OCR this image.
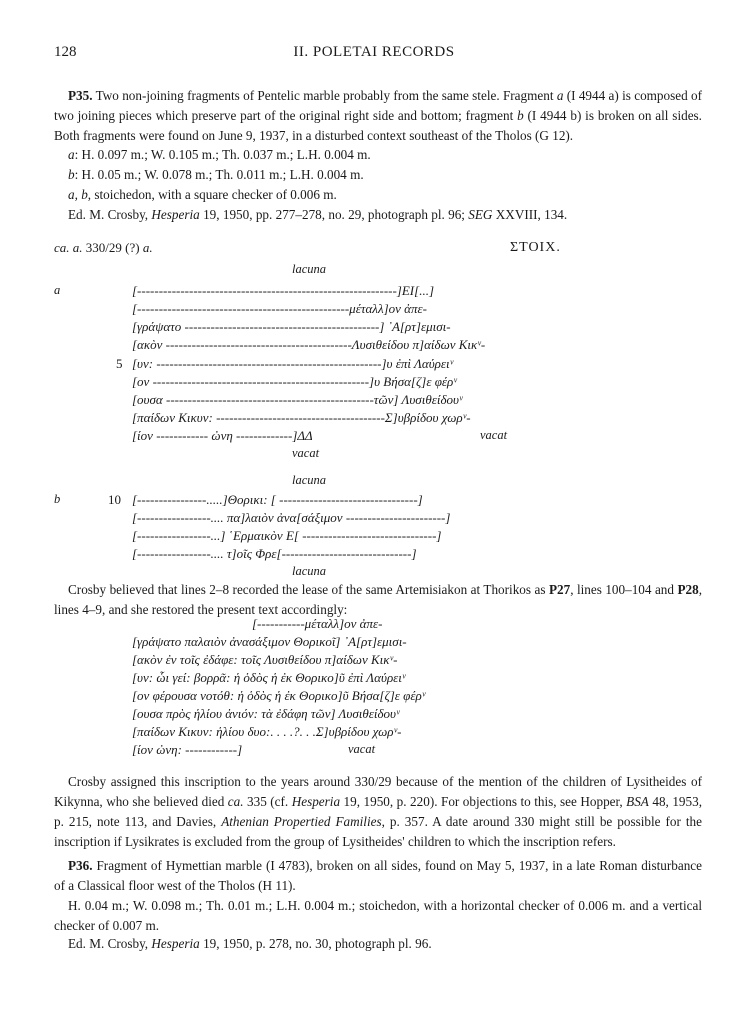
128	II. POLETAI RECORDS
P35. Two non-joining fragments of Pentelic marble probably from the same stele. Fragment a (I 4944 a) is composed of two joining pieces which preserve part of the original right side and bottom; fragment b (I 4944 b) is broken on all sides. Both fragments were found on June 9, 1937, in a disturbed context southeast of the Tholos (G 12).
a: H. 0.097 m.; W. 0.105 m.; Th. 0.037 m.; L.H. 0.004 m.
b: H. 0.05 m.; W. 0.078 m.; Th. 0.011 m.; L.H. 0.004 m.
a, b, stoichedon, with a square checker of 0.006 m.
Ed. M. Crosby, Hesperia 19, 1950, pp. 277–278, no. 29, photograph pl. 96; SEG XXVIII, 134.
ca. a. 330/29 (?) a.	ΣΤΟΙΧ.
lacuna
a
5
[------------------------------------------------------------]ΕΙ[...]
[-------------------------------------------------μέταλλ]ον ἀπε-
[γράψατο ---------------------------------------------] ᾽Α[ρτ]εμισι-
[ακὸν -------------------------------------------Λυσιθείδου π]αίδων Κικᵛ-
[υν: ----------------------------------------------------]υ ἐπὶ Λαύρειᵛ
[ον --------------------------------------------------]υ Βήσα[ζ]ε φέρᵛ
[ουσα ------------------------------------------------τῶν] Λυσιθείδουᵛ
[παίδων Κικυν: ---------------------------------------Σ]υβρίδου χωρᵛ-
[ίον ------------ ὠνη -------------]ΔΔ	vacat
vacat
lacuna
b	10 [----------------.....]Θορικι: [ --------------------------------]
[-----------------.... πα]λαιὸν ἀνα[σάξιμον -----------------------]
[-----------------...] ῾Ερμαικὸν Ε[ -------------------------------]
[-----------------.... τ]οῖς Φρε[------------------------------]
lacuna
Crosby believed that lines 2–8 recorded the lease of the same Artemisiakon at Thorikos as P27, lines 100–104 and P28, lines 4–9, and she restored the present text accordingly:
[-----------μέταλλ]ον ἀπε-
[γράψατο παλαιὸν ἀνασάξιμον Θορικοῖ] ᾽Α[ρτ]εμισι-
[ακὸν ἐν τοῖς ἐδάφε: τοῖς Λυσιθείδου π]αίδων Κικᵛ-
[υν: ὧι γεί: βορρᾶ: ἡ ὁδὸς ἡ ἐκ Θορικο]ῦ ἐπὶ Λαύρειᵛ
[ον φέρουσα νοτόθ: ἡ ὁδὸς ἡ ἐκ Θορικο]ῦ Βήσα[ζ]ε φέρᵛ
[ουσα πρὸς ἡλίου ἀνιόν: τὰ ἐδάφη τῶν] Λυσιθείδουᵛ
[παίδων Κικυν: ἡλίου δυο:. . . .?. . .Σ]υβρίδου χωρᵛ-
[ίον ὠνη: ------------]	vacat
Crosby assigned this inscription to the years around 330/29 because of the mention of the children of Lysitheides of Kikynna, who she believed died ca. 335 (cf. Hesperia 19, 1950, p. 220). For objections to this, see Hopper, BSA 48, 1953, p. 215, note 113, and Davies, Athenian Propertied Families, p. 357. A date around 330 might still be possible for the inscription if Lysikrates is excluded from the group of Lysitheides' children to which the inscription refers.
P36. Fragment of Hymettian marble (I 4783), broken on all sides, found on May 5, 1937, in a late Roman disturbance of a Classical floor west of the Tholos (H 11).
H. 0.04 m.; W. 0.098 m.; Th. 0.01 m.; L.H. 0.004 m.; stoichedon, with a horizontal checker of 0.006 m. and a vertical checker of 0.007 m.
Ed. M. Crosby, Hesperia 19, 1950, p. 278, no. 30, photograph pl. 96.
